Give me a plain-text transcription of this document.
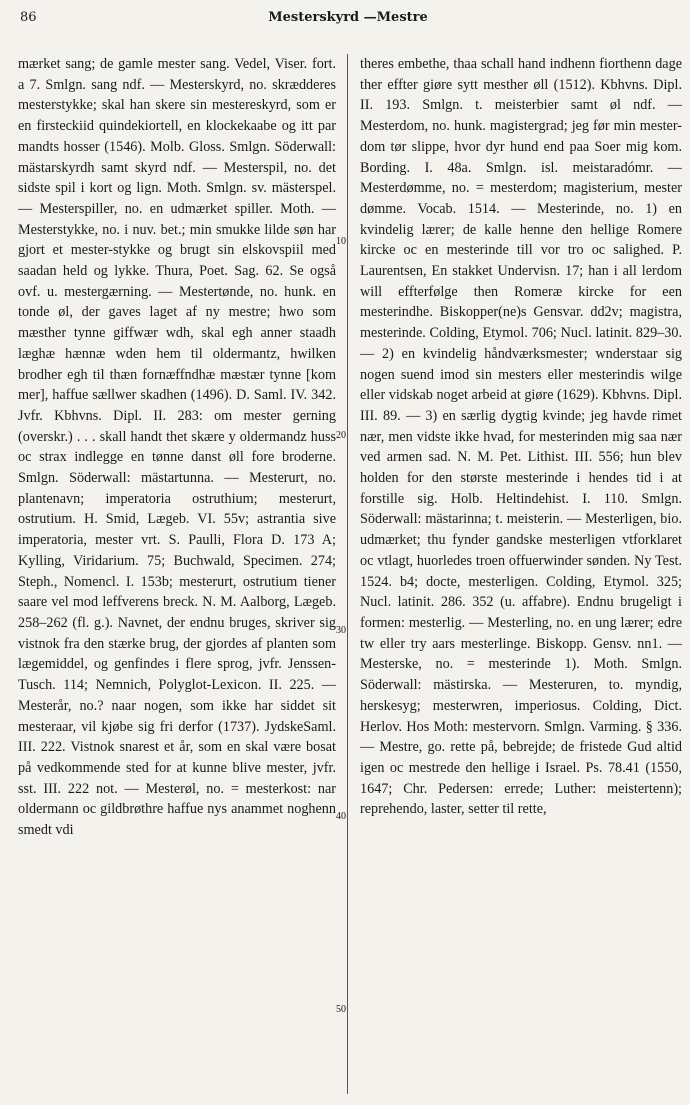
86	Mesterskyrd —Mestre

mærket sang; de gamle mester sang. Vedel, Viser. fort. a 7. Smlgn. sang ndf. — Mesterskyrd, no. skrædderes mesterstykke; skal han skere sin mestereskyrd, som er en firsteckiid quindekiortell, en klockekaabe og itt par mandts hosser (1546). Molb. Gloss. Smlgn. Söderwall: mästarskyrdh samt skyrd ndf. — Mesterspil, no. det sidste spil i kort og lign. Moth. Smlgn. sv. mästerspel. — Mesterspiller, no. en udmærket spiller. Moth. — Mesterstykke, no. i nuv. bet.; min smukke lilde søn har gjort et mester-stykke og brugt sin elskovspiil med saadan held og lykke. Thura, Poet. Sag. 62. Se også ovf. u. mestergærning. — Mestertønde, no. hunk. en tonde øl, der gaves laget af ny mestre; hwo som mæsther tynne giffwær wdh, skal egh anner staadh læghæ hænnæ wden hem til oldermantz, hwilken brodher egh til thæn fornæffndhæ mæstær tynne [kom mer], haffue sællwer skadhen (1496). D. Saml. IV. 342. Jvfr. Kbhvns. Dipl. II. 283: om mester gerning (overskr.) . . . skall handt thet skære y oldermandz huss oc strax indlegge en tønne danst øll fore broderne. Smlgn. Söderwall: mästartunna. — Mesterurt, no. plantenavn; imperatoria ostruthium; mesterurt, ostrutium. H. Smid, Lægeb. VI. 55v; astrantia sive imperatoria, mester vrt. S. Paulli, Flora D. 173 A; Kylling, Viridarium. 75; Buchwald, Specimen. 274; Steph., Nomencl. I. 153b; mesterurt, ostrutium tiener saare vel mod leffverens breck. N. M. Aalborg, Lægeb. 258–262 (fl. g.). Navnet, der endnu bruges, skriver sig vistnok fra den stærke brug, der gjordes af planten som lægemiddel, og genfindes i flere sprog, jvfr. Jenssen-Tusch. 114; Nemnich, Polyglot-Lexicon. II. 225. — Mesterår, no.? naar nogen, som ikke har siddet sit mesteraar, vil kjøbe sig fri derfor (1737). JydskeSaml. III. 222. Vistnok snarest et år, som en skal være bosat på vedkommende sted for at kunne blive mester, jvfr. sst. III. 222 not. — Mesterøl, no. = mesterkost: nar oldermann oc gildbrøthre haffue nys anammet noghenn smedt vdi

10
20
30
40
50

theres embethe, thaa schall hand indhenn fiorthenn dage ther effter giøre sytt mesther øll (1512). Kbhvns. Dipl. II. 193. Smlgn. t. meisterbier samt øl ndf. — Mesterdom, no. hunk. magistergrad; jeg før min mester-dom tør slippe, hvor dyr hund end paa Soer mig kom. Bording. I. 48a. Smlgn. isl. meistaradómr. — Mesterdømme, no. = mesterdom; magisterium, mester dømme. Vocab. 1514. — Mesterinde, no. 1) en kvindelig lærer; de kalle henne den hellige Romere kircke oc en mesterinde till vor tro oc salighed. P. Laurentsen, En stakket Undervisn. 17; han i all lerdom will effterfølge then Romeræ kircke for een mesterindhe. Biskopper(ne)s Gensvar. dd2v; magistra, mesterinde. Colding, Etymol. 706; Nucl. latinit. 829–30. — 2) en kvindelig håndværksmester; wnderstaar sig nogen suend imod sin mesters eller mesterindis wilge eller vidskab noget arbeid at giøre (1629). Kbhvns. Dipl. III. 89. — 3) en særlig dygtig kvinde; jeg havde rimet nær, men vidste ikke hvad, for mesterinden mig saa nær ved armen sad. N. M. Pet. Lithist. III. 556; hun blev holden for den største mesterinde i hendes tid i at forstille sig. Holb. Heltindehist. I. 110. Smlgn. Söderwall: mästarinna; t. meisterin. — Mesterligen, bio. udmærket; thu fynder gandske mesterligen vtforklaret oc vtlagt, huorledes troen offuerwinder sønden. Ny Test. 1524. b4; docte, mesterligen. Colding, Etymol. 325; Nucl. latinit. 286. 352 (u. affabre). Endnu brugeligt i formen: mesterlig. — Mesterling, no. en ung lærer; edre tw eller try aars mesterlinge. Biskopp. Gensv. nn1. — Mesterske, no. = mesterinde 1). Moth. Smlgn. Söderwall: mästirska. — Mesteruren, to. myndig, herskesyg; mesterwren, imperiosus. Colding, Dict. Herlov. Hos Moth: mestervorn. Smlgn. Varming. § 336. — Mestre, go. rette på, bebrejde; de fristede Gud altid igen oc mestrede den hellige i Israel. Ps. 78.41 (1550, 1647; Chr. Pedersen: errede; Luther: meistertenn); reprehendo, laster, setter til rette,
